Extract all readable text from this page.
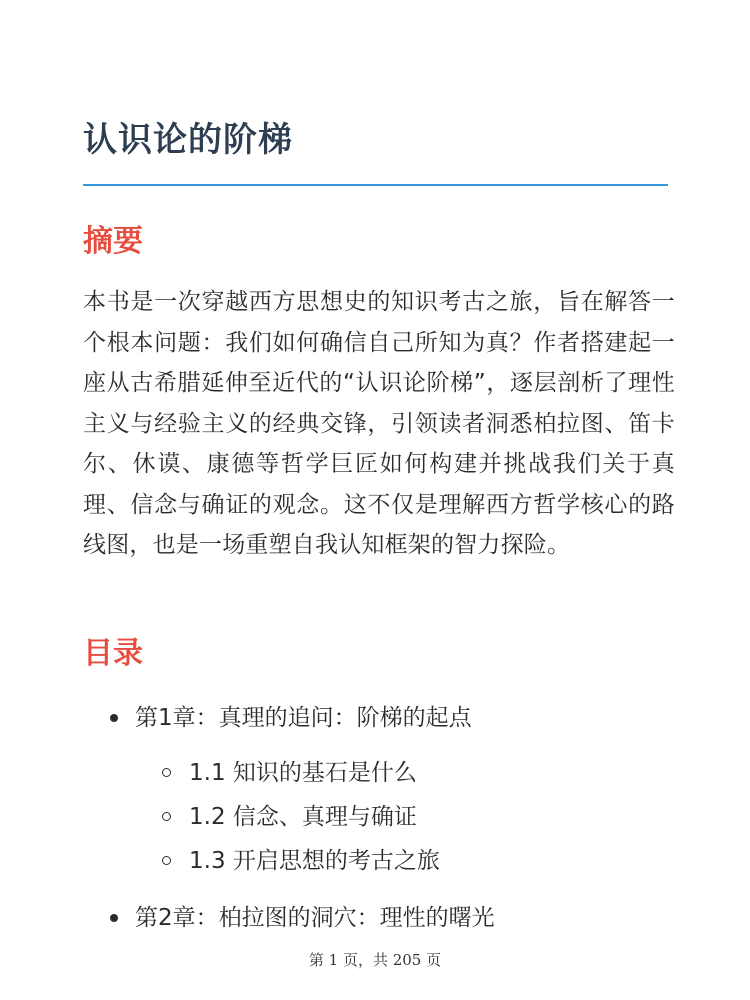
认识论的阶梯
摘要

本书是一次穿越西方思想史的知识考古之旅，旨在解答一个根本问题：我们如何确信自己所知为真？作者搭建起一座从古希腊延伸至近代的“认识论阶梯”，逐层剖析了理性主义与经验主义的经典交锋，引领读者洞悉柏拉图、笛卡尔、休谟、康德等哲学巨匠如何构建并挑战我们关于真理、信念与确证的观念。这不仅是理解西方哲学核心的路线图，也是一场重塑自我认知框架的智力探险。

目录
第1章：真理的追问：阶梯的起点
1.1 知识的基石是什么
1.2 信念、真理与确证
1.3 开启思想的考古之旅
第2章：柏拉图的洞穴：理性的曙光
第 1 页，共 205 页
